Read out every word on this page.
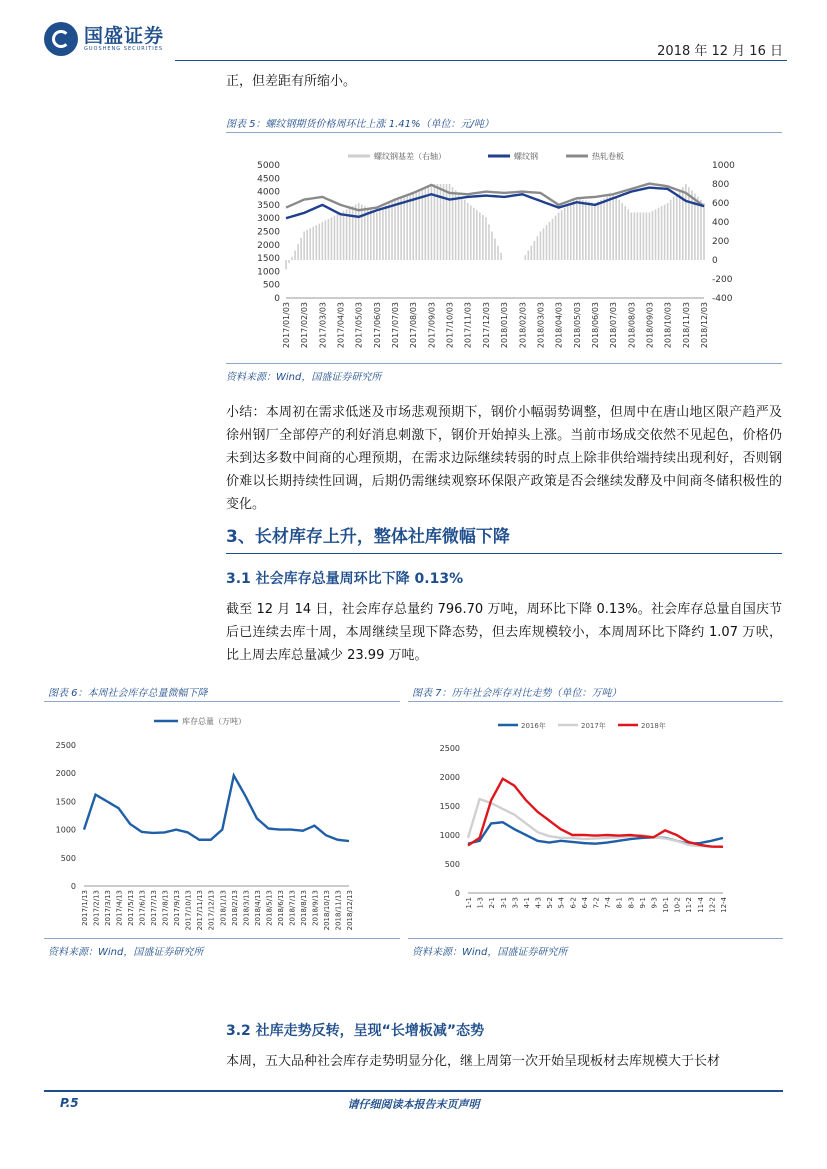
国盛证券
GUOSHENG SECURITIES	2018 年 12 月 16 日
正，但差距有所缩小。
图表 5：螺纹钢期货价格周环比上涨 1.41%（单位：元/吨）
螺纹钢基差（右轴）	螺纹钢	热轧卷板
0
500
1000
1500
2000
2500
3000
3500
4000
4500
5000
-400
-200
0
200
400
600
800
1000
2017/01/03 2017/02/03 2017/03/03 2017/04/03 2017/05/03 2017/06/03 2017/07/03 2017/08/03 2017/09/03 2017/10/03 2017/11/03 2017/12/03 2018/01/03 2018/02/03 2018/03/03 2018/04/03 2018/05/03 2018/06/03 2018/07/03 2018/08/03 2018/09/03 2018/10/03 2018/11/03 2018/12/03
资料来源：Wind，国盛证券研究所
小结：本周初在需求低迷及市场悲观预期下，钢价小幅弱势调整，但周中在唐山地区限产趋严及徐州钢厂全部停产的利好消息刺激下，钢价开始掉头上涨。当前市场成交依然不见起色，价格仍未到达多数中间商的心理预期，在需求边际继续转弱的时点上除非供给端持续出现利好，否则钢价难以长期持续性回调，后期仍需继续观察环保限产政策是否会继续发酵及中间商冬储积极性的变化。
3、长材库存上升，整体社库微幅下降
3.1 社会库存总量周环比下降 0.13%
截至 12 月 14 日，社会库存总量约 796.70 万吨，周环比下降 0.13%。社会库存总量自国庆节后已连续去库十周，本周继续呈现下降态势，但去库规模较小，本周周环比下降约 1.07 万吠，比上周去库总量减少 23.99 万吨。
图表 6：本周社会库存总量微幅下降
库存总量（万吨）
0
500
1000
1500
2000
2500
2017/1/13 2017/2/13 2017/3/13 2017/4/13 2017/5/13 2017/6/13 2017/7/13 2017/8/13 2017/9/13 2017/10/13 2017/11/13 2017/12/13 2018/1/13 2018/2/13 2018/3/13 2018/4/13 2018/5/13 2018/6/13 2018/7/13 2018/8/13 2018/9/13 2018/10/13 2018/11/13 2018/12/13
资料来源：Wind，国盛证券研究所
图表 7：历年社会库存对比走势（单位：万吨）
2016年	2017年	2018年
0
500
1000
1500
2000
2500
1-1 1-3 2-1 3-1 3-3 4-1 4-3 5-2 5-4 6-2 6-4 7-2 7-4 8-1 8-3 9-1 9-3 10-1 10-2 11-2 11-4 12-2 12-4
资料来源：Wind，国盛证券研究所
3.2 社库走势反转，呈现“长增板减”态势
本周，五大品种社会库存走势明显分化，继上周第一次开始呈现板材去库规模大于长材
P.5	请仔细阅读本报告末页声明
